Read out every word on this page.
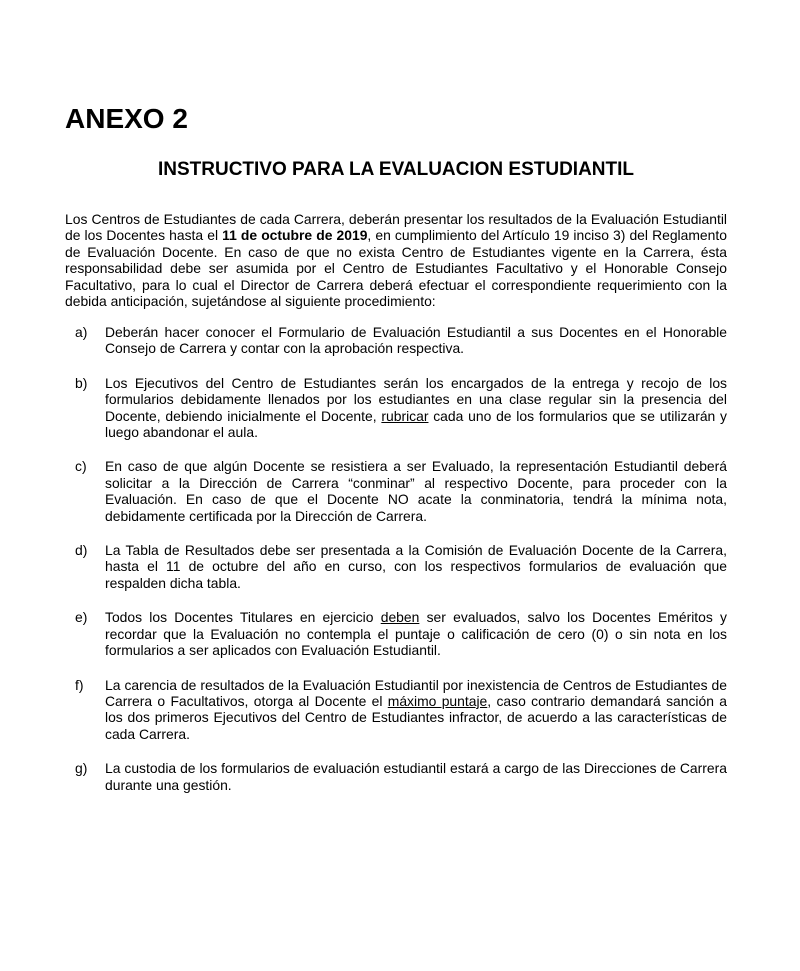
ANEXO 2
INSTRUCTIVO PARA LA EVALUACION ESTUDIANTIL

Los Centros de Estudiantes de cada Carrera, deberán presentar los resultados de la Evaluación Estudiantil de los Docentes hasta el 11 de octubre de 2019, en cumplimiento del Artículo 19 inciso 3) del Reglamento de Evaluación Docente. En caso de que no exista Centro de Estudiantes vigente en la Carrera, ésta responsabilidad debe ser asumida por el Centro de Estudiantes Facultativo y el Honorable Consejo Facultativo, para lo cual el Director de Carrera deberá efectuar el correspondiente requerimiento con la debida anticipación, sujetándose al siguiente procedimiento:

a) Deberán hacer conocer el Formulario de Evaluación Estudiantil a sus Docentes en el Honorable Consejo de Carrera y contar con la aprobación respectiva.
b) Los Ejecutivos del Centro de Estudiantes serán los encargados de la entrega y recojo de los formularios debidamente llenados por los estudiantes en una clase regular sin la presencia del Docente, debiendo inicialmente el Docente, rubricar cada uno de los formularios que se utilizarán y luego abandonar el aula.
c) En caso de que algún Docente se resistiera a ser Evaluado, la representación Estudiantil deberá solicitar a la Dirección de Carrera “conminar” al respectivo Docente, para proceder con la Evaluación. En caso de que el Docente NO acate la conminatoria, tendrá la mínima nota, debidamente certificada por la Dirección de Carrera.
d) La Tabla de Resultados debe ser presentada a la Comisión de Evaluación Docente de la Carrera, hasta el 11 de octubre del año en curso, con los respectivos formularios de evaluación que respalden dicha tabla.
e) Todos los Docentes Titulares en ejercicio deben ser evaluados, salvo los Docentes Eméritos y recordar que la Evaluación no contempla el puntaje o calificación de cero (0) o sin nota en los formularios a ser aplicados con Evaluación Estudiantil.
f) La carencia de resultados de la Evaluación Estudiantil por inexistencia de Centros de Estudiantes de Carrera o Facultativos, otorga al Docente el máximo puntaje, caso contrario demandará sanción a los dos primeros Ejecutivos del Centro de Estudiantes infractor, de acuerdo a las características de cada Carrera.
g) La custodia de los formularios de evaluación estudiantil estará a cargo de las Direcciones de Carrera durante una gestión.
